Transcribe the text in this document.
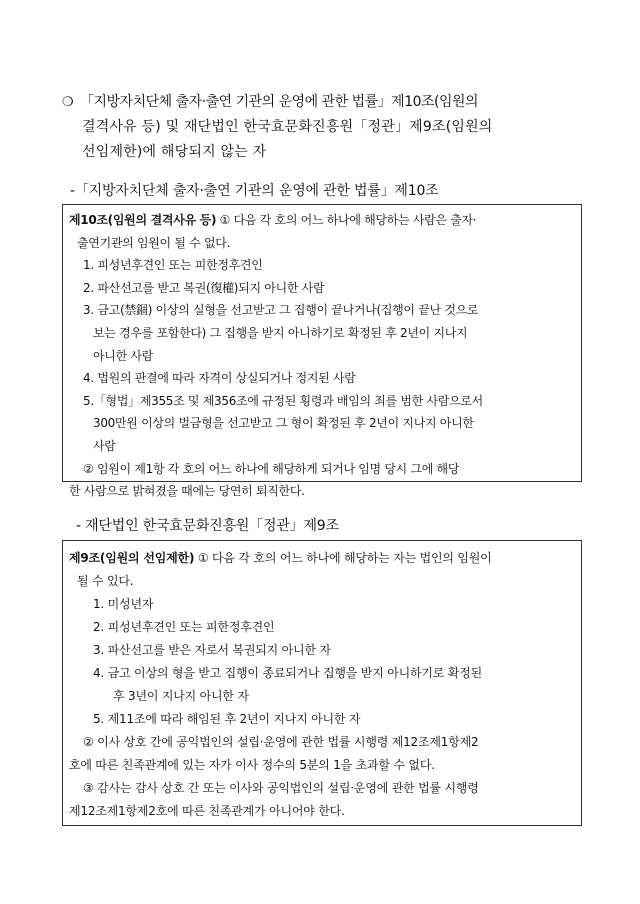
❍ 「지방자치단체 출자·출연 기관의 운영에 관한 법률」제10조(임원의
결격사유 등) 및 재단법인 한국효문화진흥원「정관」제9조(임원의
선임제한)에 해당되지 않는 자
-「지방자치단체 출자·출연 기관의 운영에 관한 법률」제10조
제10조(임원의 결격사유 등) ① 다음 각 호의 어느 하나에 해당하는 사람은 출자·
출연기관의 임원이 될 수 없다.
1. 피성년후견인 또는 피한정후견인
2. 파산선고를 받고 복권(復權)되지 아니한 사람
3. 금고(禁錮) 이상의 실형을 선고받고 그 집행이 끝나거나(집행이 끝난 것으로
보는 경우를 포함한다) 그 집행을 받지 아니하기로 확정된 후 2년이 지나지
아니한 사람
4. 법원의 판결에 따라 자격이 상실되거나 정지된 사람
5.「형법」제355조 및 제356조에 규정된 횡령과 배임의 죄를 범한 사람으로서
300만원 이상의 벌금형을 선고받고 그 형이 확정된 후 2년이 지나지 아니한
사람
② 임원이 제1항 각 호의 어느 하나에 해당하게 되거나 임명 당시 그에 해당
한 사람으로 밝혀졌을 때에는 당연히 퇴직한다.
- 재단법인 한국효문화진흥원「정관」제9조
제9조(임원의 선임제한) ① 다음 각 호의 어느 하나에 해당하는 자는 법인의 임원이
될 수 있다.
1. 미성년자
2. 피성년후견인 또는 피한정후견인
3. 파산선고를 받은 자로서 복권되지 아니한 자
4. 금고 이상의 형을 받고 집행이 종료되거나 집행을 받지 아니하기로 확정된
후 3년이 지나지 아니한 자
5. 제11조에 따라 해임된 후 2년이 지나지 아니한 자
② 이사 상호 간에 공익법인의 설립·운영에 관한 법률 시행령 제12조제1항제2
호에 따른 친족관계에 있는 자가 이사 정수의 5분의 1을 초과할 수 없다.
③ 감사는 감사 상호 간 또는 이사와 공익법인의 설립·운영에 관한 법률 시행령
제12조제1항제2호에 따른 친족관계가 아니어야 한다.
